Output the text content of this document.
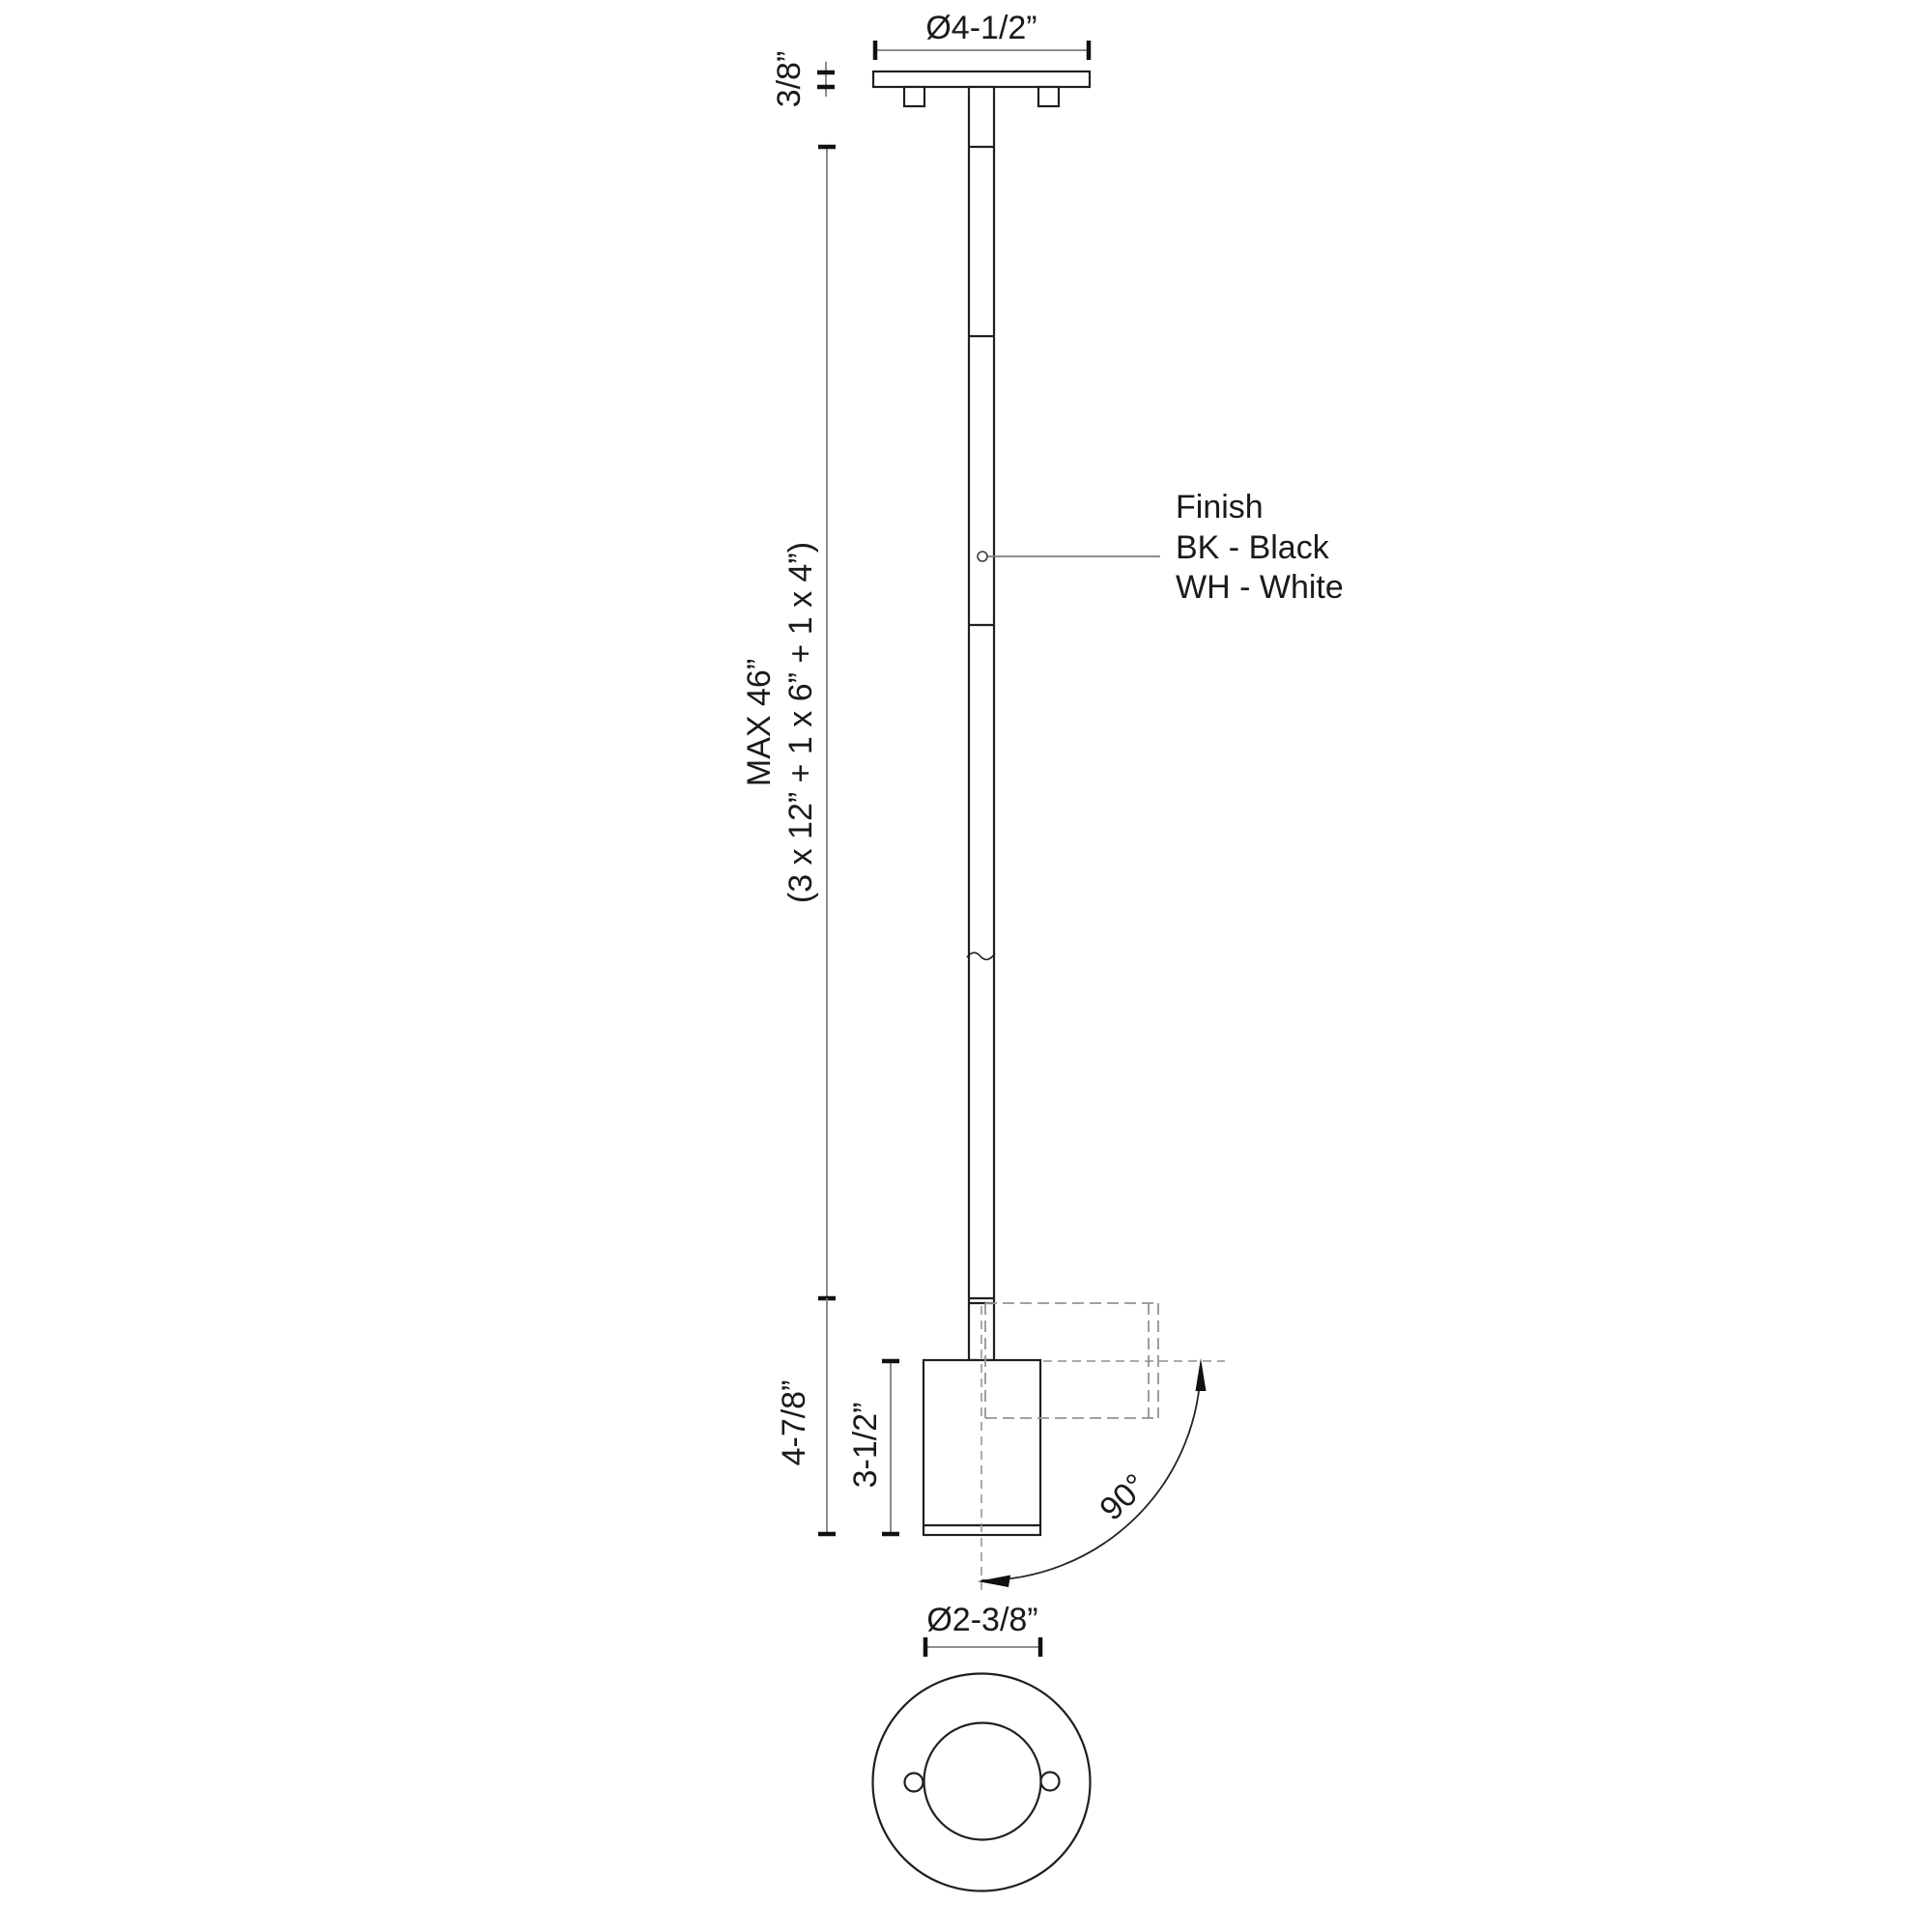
90°
Ø4-1/2”
3/8”
MAX 46” (3 x 12” + 1 x 6” + 1 x 4”)
4-7/8” 3-1/2”
Finish
BK - Black
WH - White
Ø2-3/8”
